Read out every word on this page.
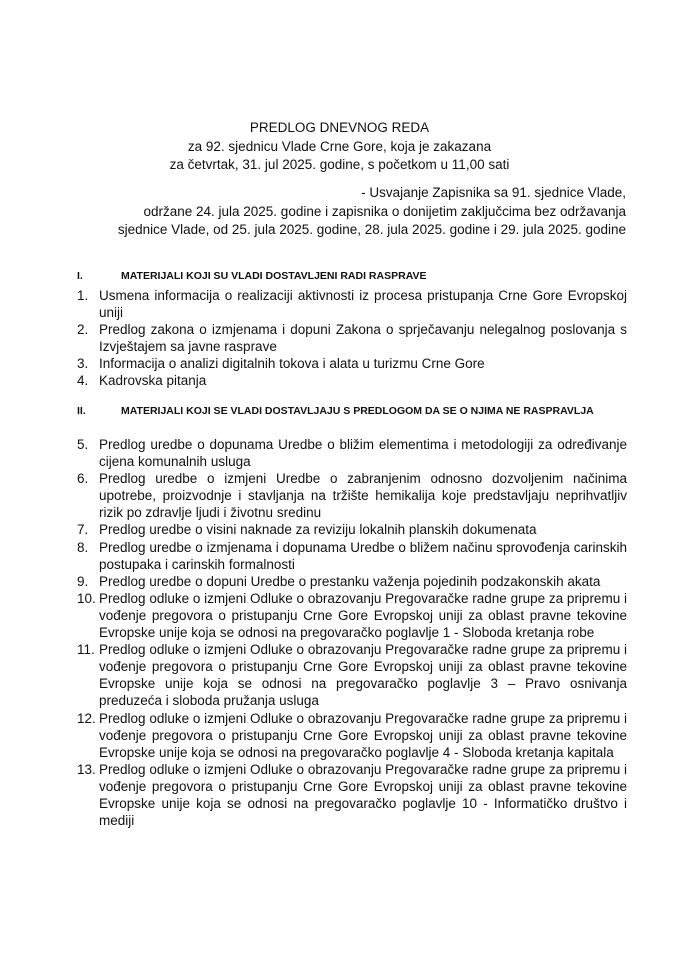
PREDLOG DNEVNOG REDA
za 92. sjednicu Vlade Crne Gore, koja je zakazana
za četvrtak, 31. jul 2025. godine, s početkom u 11,00 sati
- Usvajanje Zapisnika sa 91. sjednice Vlade,
održane 24. jula 2025. godine i zapisnika o donijetim zaključcima bez održavanja
sjednice Vlade, od 25. jula 2025. godine, 28. jula 2025. godine i 29. jula 2025. godine
I.	MATERIJALI KOJI SU VLADI DOSTAVLJENI RADI RASPRAVE
1. Usmena informacija o realizaciji aktivnosti iz procesa pristupanja Crne Gore Evropskoj uniji
2. Predlog zakona o izmjenama i dopuni Zakona o sprječavanju nelegalnog poslovanja s Izvještajem sa javne rasprave
3. Informacija o analizi digitalnih tokova i alata u turizmu Crne Gore
4. Kadrovska pitanja
II.	MATERIJALI KOJI SE VLADI DOSTAVLJAJU S PREDLOGOM DA SE O NJIMA NE RASPRAVLJA
5. Predlog uredbe o dopunama Uredbe o bližim elementima i metodologiji za određivanje cijena komunalnih usluga
6. Predlog uredbe o izmjeni Uredbe o zabranjenim odnosno dozvoljenim načinima upotrebe, proizvodnje i stavljanja na tržište hemikalija koje predstavljaju neprihvatljiv rizik po zdravlje ljudi i životnu sredinu
7. Predlog uredbe o visini naknade za reviziju lokalnih planskih dokumenata
8. Predlog uredbe o izmjenama i dopunama Uredbe o bližem načinu sprovođenja carinskih postupaka i carinskih formalnosti
9. Predlog uredbe o dopuni Uredbe o prestanku važenja pojedinih podzakonskih akata
10. Predlog odluke o izmjeni Odluke o obrazovanju Pregovaračke radne grupe za pripremu i vođenje pregovora o pristupanju Crne Gore Evropskoj uniji za oblast pravne tekovine Evropske unije koja se odnosi na pregovaračko poglavlje 1 - Sloboda kretanja robe
11. Predlog odluke o izmjeni Odluke o obrazovanju Pregovaračke radne grupe za pripremu i vođenje pregovora o pristupanju Crne Gore Evropskoj uniji za oblast pravne tekovine Evropske unije koja se odnosi na pregovaračko poglavlje 3 – Pravo osnivanja preduzeća i sloboda pružanja usluga
12. Predlog odluke o izmjeni Odluke o obrazovanju Pregovaračke radne grupe za pripremu i vođenje pregovora o pristupanju Crne Gore Evropskoj uniji za oblast pravne tekovine Evropske unije koja se odnosi na pregovaračko poglavlje 4 - Sloboda kretanja kapitala
13. Predlog odluke o izmjeni Odluke o obrazovanju Pregovaračke radne grupe za pripremu i vođenje pregovora o pristupanju Crne Gore Evropskoj uniji za oblast pravne tekovine Evropske unije koja se odnosi na pregovaračko poglavlje 10 - Informatičko društvo i mediji
